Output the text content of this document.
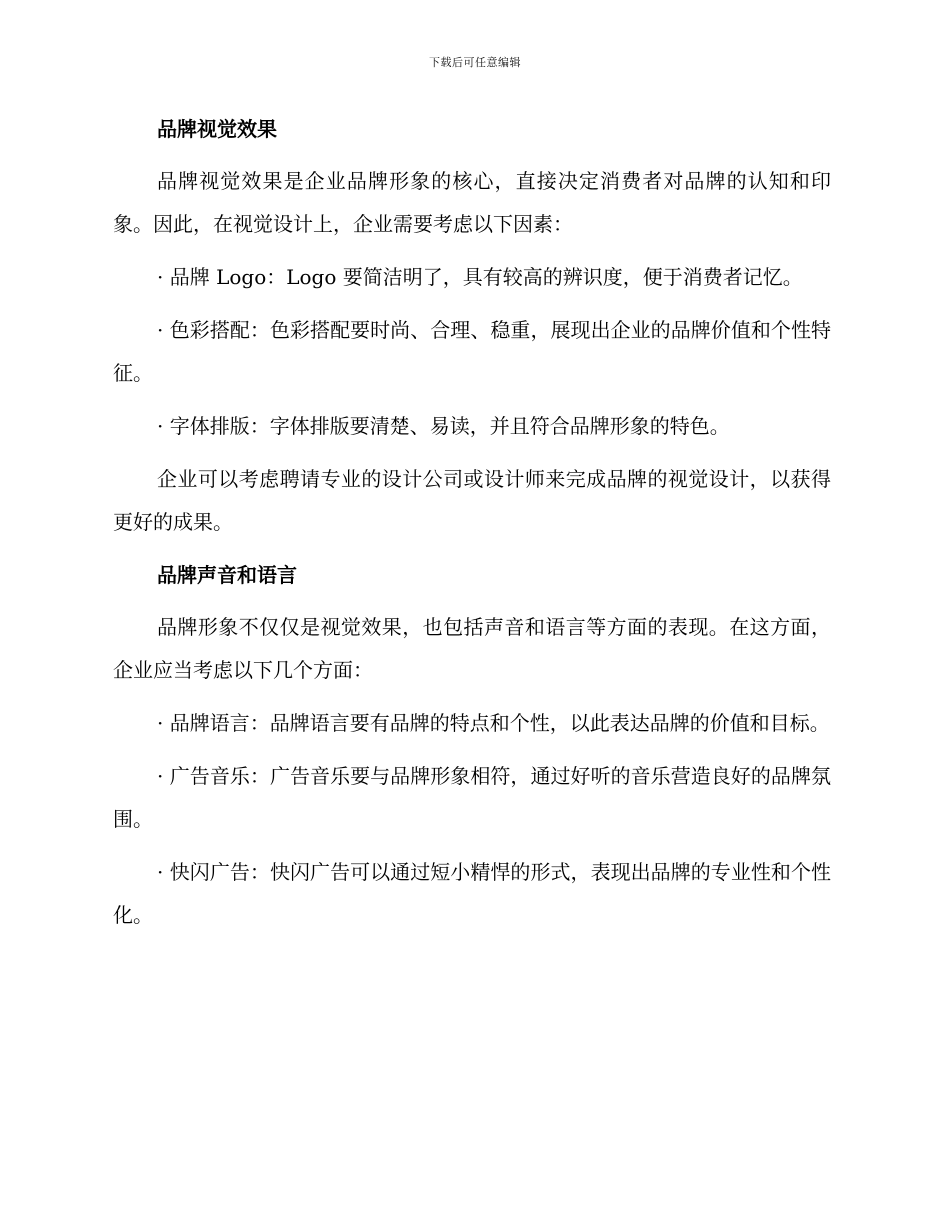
下载后可任意编辑
品牌视觉效果

品牌视觉效果是企业品牌形象的核心，直接决定消费者对品牌的认知和印象。因此，在视觉设计上，企业需要考虑以下因素：

· 品牌 Logo：Logo 要简洁明了，具有较高的辨识度，便于消费者记忆。

· 色彩搭配：色彩搭配要时尚、合理、稳重，展现出企业的品牌价值和个性特征。

· 字体排版：字体排版要清楚、易读，并且符合品牌形象的特色。

企业可以考虑聘请专业的设计公司或设计师来完成品牌的视觉设计，以获得更好的成果。

品牌声音和语言

品牌形象不仅仅是视觉效果，也包括声音和语言等方面的表现。在这方面，企业应当考虑以下几个方面：

· 品牌语言：品牌语言要有品牌的特点和个性，以此表达品牌的价值和目标。

· 广告音乐：广告音乐要与品牌形象相符，通过好听的音乐营造良好的品牌氛围。

· 快闪广告：快闪广告可以通过短小精悍的形式，表现出品牌的专业性和个性化。
